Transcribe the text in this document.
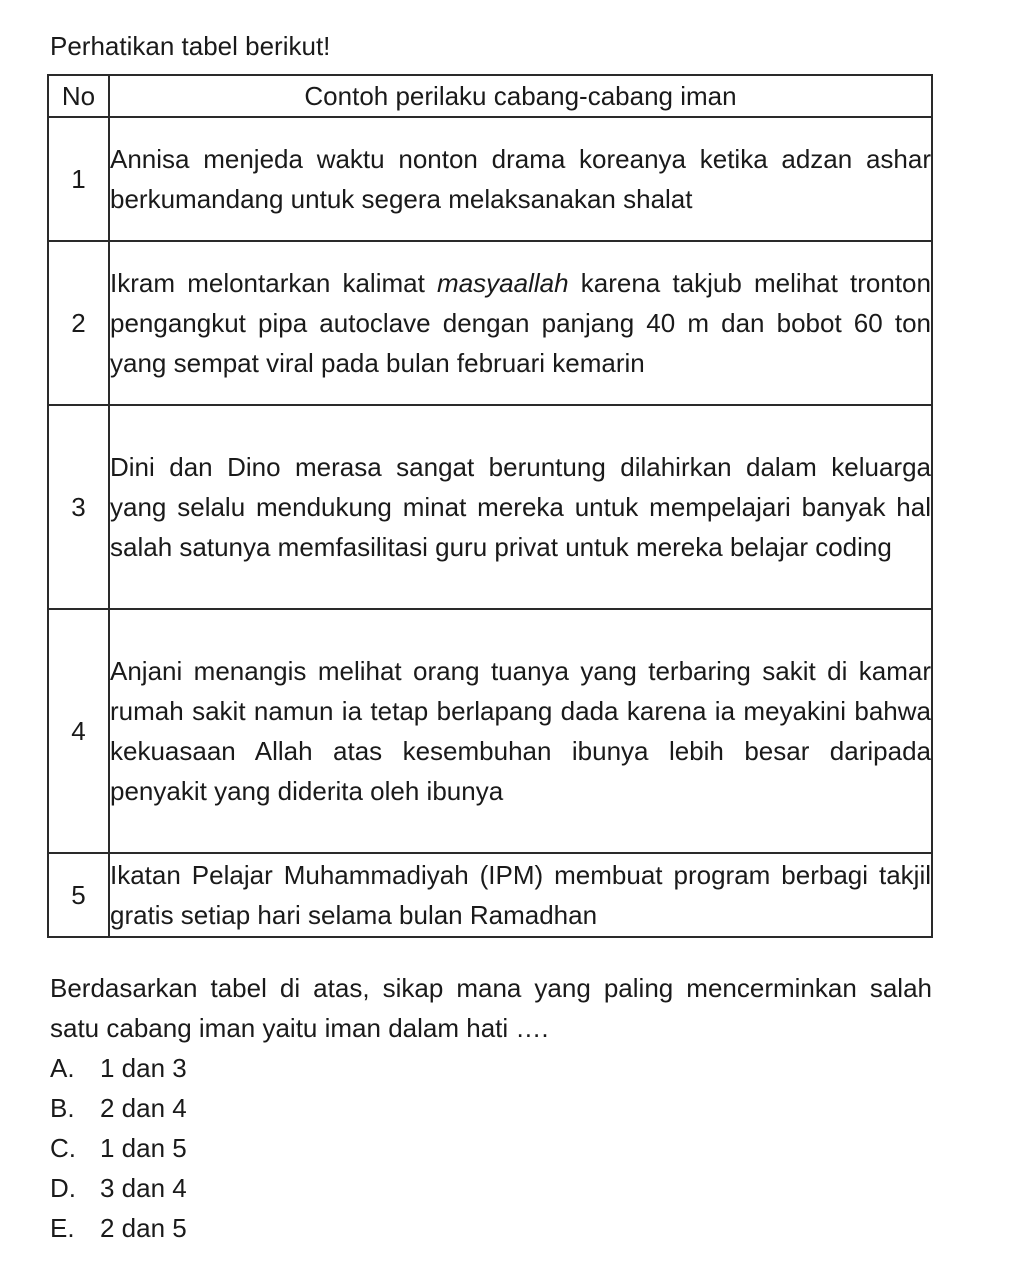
Perhatikan tabel berikut!

No	Contoh perilaku cabang-cabang iman
1	Annisa menjeda waktu nonton drama koreanya ketika adzan ashar berkumandang untuk segera melaksanakan shalat
2	Ikram melontarkan kalimat masyaallah karena takjub melihat tronton pengangkut pipa autoclave dengan panjang 40 m dan bobot 60 ton yang sempat viral pada bulan februari kemarin
3	Dini dan Dino merasa sangat beruntung dilahirkan dalam keluarga yang selalu mendukung minat mereka untuk mempelajari banyak hal salah satunya memfasilitasi guru privat untuk mereka belajar coding
4	Anjani menangis melihat orang tuanya yang terbaring sakit di kamar rumah sakit namun ia tetap berlapang dada karena ia meyakini bahwa kekuasaan Allah atas kesembuhan ibunya lebih besar daripada penyakit yang diderita oleh ibunya
5	Ikatan Pelajar Muhammadiyah (IPM) membuat program berbagi takjil gratis setiap hari selama bulan Ramadhan

Berdasarkan tabel di atas, sikap mana yang paling mencerminkan salah satu cabang iman yaitu iman dalam hati ….

A. 1 dan 3
B. 2 dan 4
C. 1 dan 5
D. 3 dan 4
E. 2 dan 5
